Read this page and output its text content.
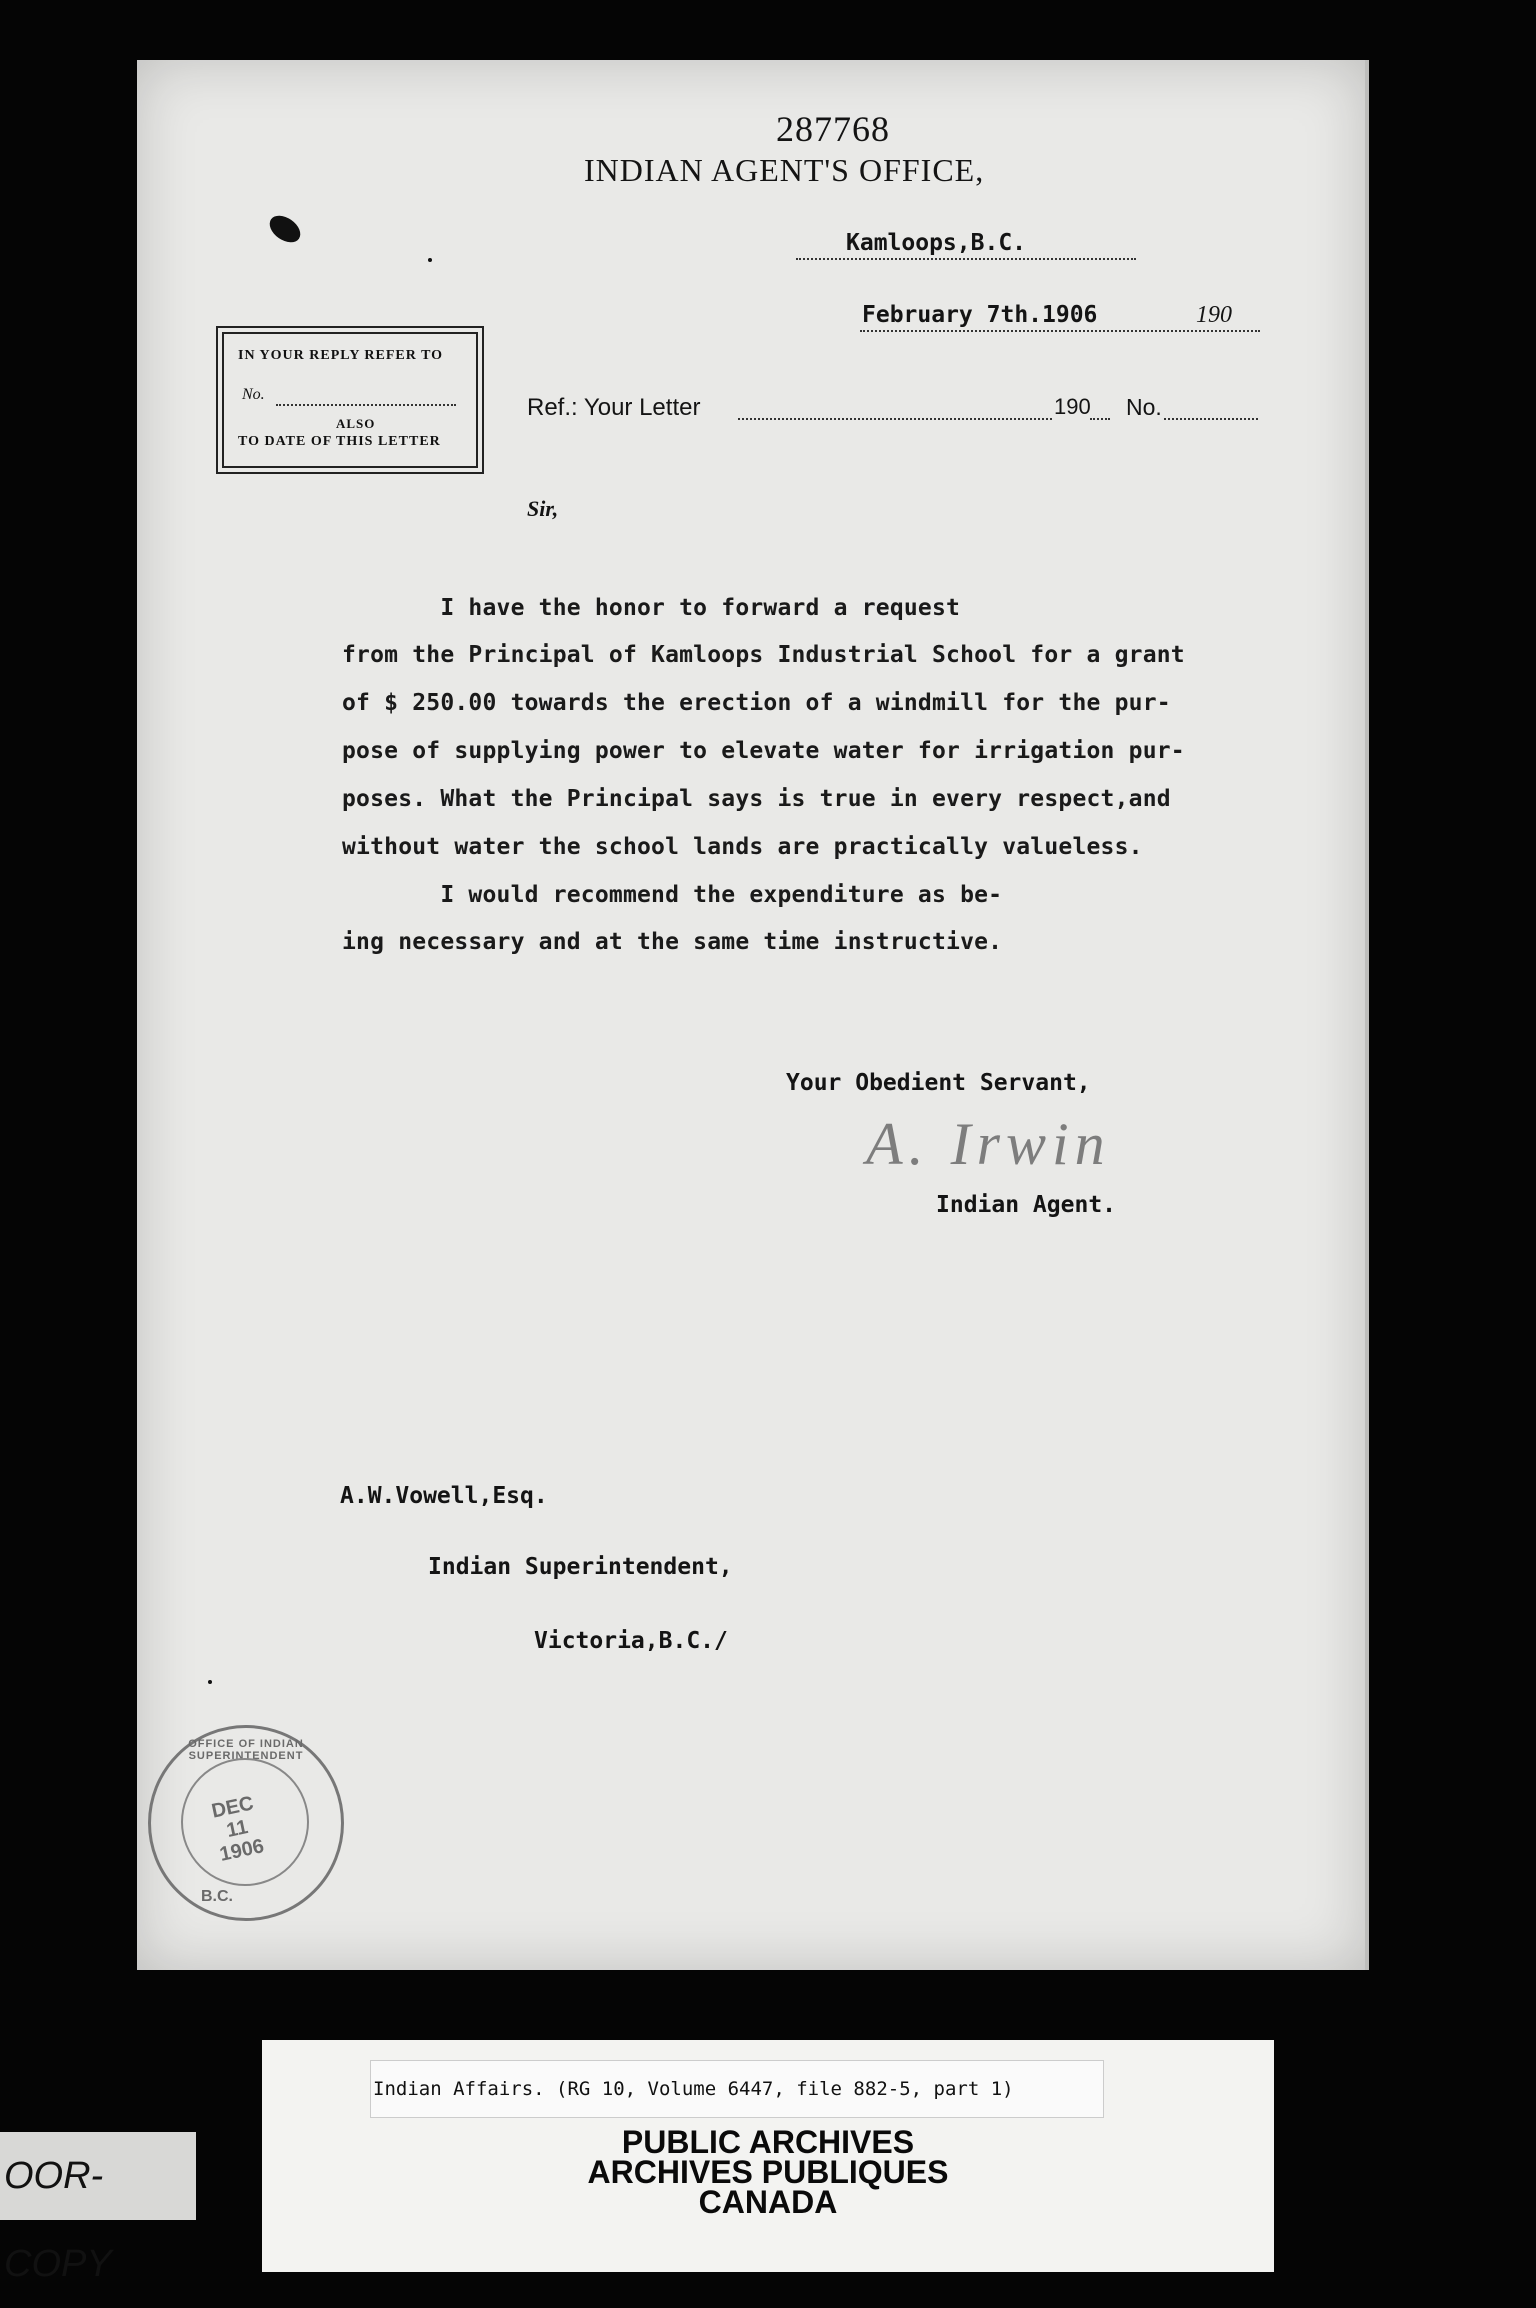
287768
INDIAN AGENT'S OFFICE,
Kamloops,B.C.
February 7th.1906	190
IN YOUR REPLY REFER TO
No.
ALSO
TO DATE OF THIS LETTER
Ref.: Your Letter	190 No.
Sir,
I have the honor to forward a request
from the Principal of Kamloops Industrial School for a grant
of $ 250.00 towards the erection of a windmill for the pur-
pose of supplying power to elevate water for irrigation pur-
poses. What the Principal says is true in every respect,and
without water the school lands are practically valueless.
I would recommend the expenditure as be-
ing necessary and at the same time instructive.
Your Obedient Servant,
A. Irwin
Indian Agent.
A.W.Vowell,Esq.
Indian Superintendent,
Victoria,B.C./
OFFICE OF INDIAN SUPERINTENDENT
DEC
11
1906
B.C.
Indian Affairs. (RG 10, Volume 6447, file 882-5, part 1)
PUBLIC ARCHIVES
ARCHIVES PUBLIQUES
CANADA
OOR-COPY
